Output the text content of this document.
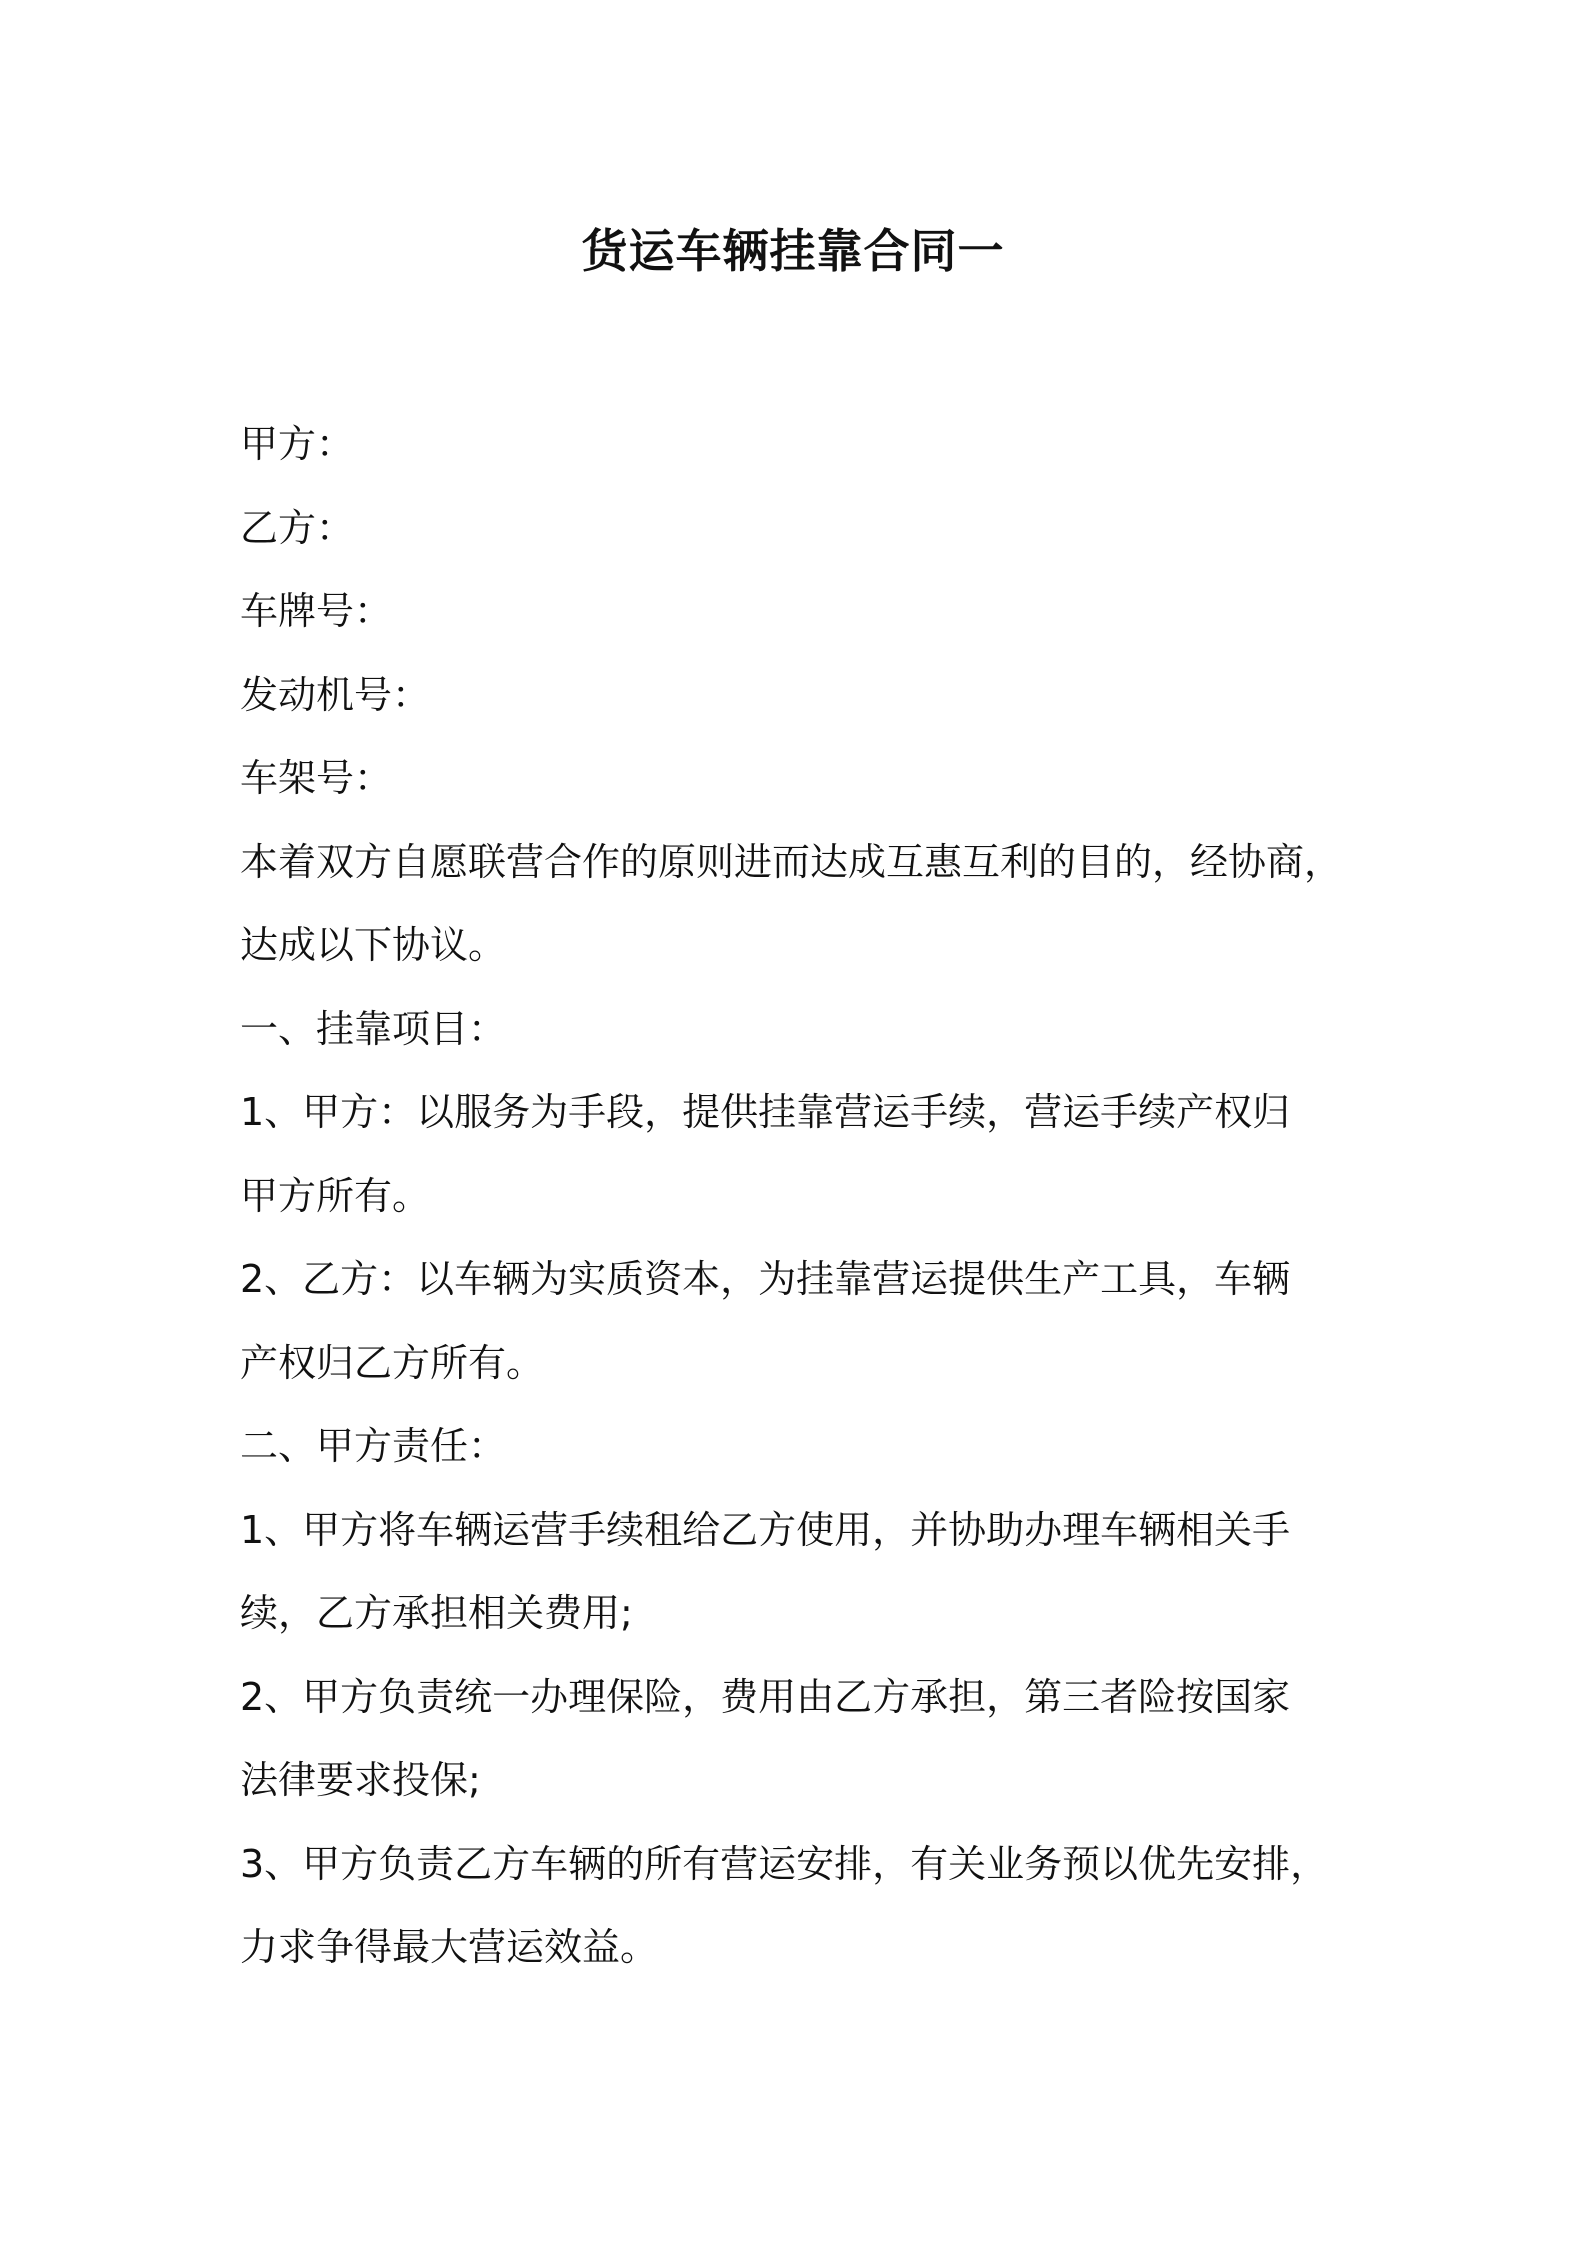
货运车辆挂靠合同一

甲方：

乙方：

车牌号：

发动机号：

车架号：

本着双方自愿联营合作的原则进而达成互惠互利的目的，经协商，

达成以下协议。

一、挂靠项目：

1、甲方：以服务为手段，提供挂靠营运手续，营运手续产权归

甲方所有。

2、乙方：以车辆为实质资本，为挂靠营运提供生产工具，车辆

产权归乙方所有。

二、甲方责任：

1、甲方将车辆运营手续租给乙方使用，并协助办理车辆相关手

续，乙方承担相关费用;

2、甲方负责统一办理保险，费用由乙方承担，第三者险按国家

法律要求投保;

3、甲方负责乙方车辆的所有营运安排，有关业务预以优先安排，

力求争得最大营运效益。
